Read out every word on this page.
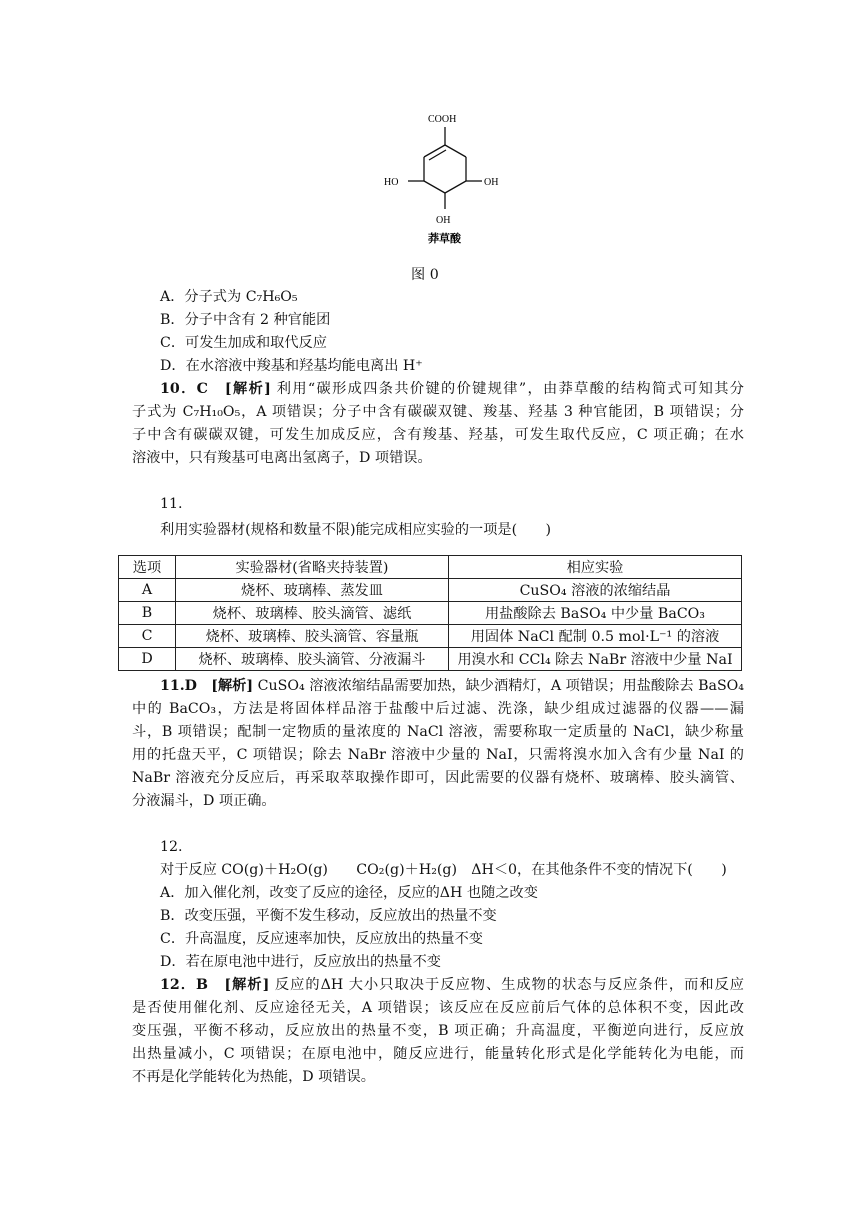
COOH
HO	OH
OH
莽草酸
图 0
A．分子式为 C₇H₆O₅
B．分子中含有 2 种官能团
C．可发生加成和取代反应
D．在水溶液中羧基和羟基均能电离出 H⁺
10．C　[解析] 利用“碳形成四条共价键的价键规律”，由莽草酸的结构简式可知其分
子式为 C₇H₁₀O₅，A 项错误；分子中含有碳碳双键、羧基、羟基 3 种官能团，B 项错误；分
子中含有碳碳双键，可发生加成反应，含有羧基、羟基，可发生取代反应，C 项正确；在水
溶液中，只有羧基可电离出氢离子，D 项错误。
11.
利用实验器材(规格和数量不限)能完成相应实验的一项是(　　)
选项	实验器材(省略夹持装置)	相应实验
A	烧杯、玻璃棒、蒸发皿	CuSO₄ 溶液的浓缩结晶
B	烧杯、玻璃棒、胶头滴管、滤纸	用盐酸除去 BaSO₄ 中少量 BaCO₃
C	烧杯、玻璃棒、胶头滴管、容量瓶	用固体 NaCl 配制 0.5 mol·L⁻¹ 的溶液
D	烧杯、玻璃棒、胶头滴管、分液漏斗	用溴水和 CCl₄ 除去 NaBr 溶液中少量 NaI
11.D　[解析] CuSO₄ 溶液浓缩结晶需要加热，缺少酒精灯，A 项错误；用盐酸除去 BaSO₄
中的 BaCO₃，方法是将固体样品溶于盐酸中后过滤、洗涤，缺少组成过滤器的仪器——漏
斗，B 项错误；配制一定物质的量浓度的 NaCl 溶液，需要称取一定质量的 NaCl，缺少称量
用的托盘天平，C 项错误；除去 NaBr 溶液中少量的 NaI，只需将溴水加入含有少量 NaI 的
NaBr 溶液充分反应后，再采取萃取操作即可，因此需要的仪器有烧杯、玻璃棒、胶头滴管、
分液漏斗，D 项正确。
12.
对于反应 CO(g)＋H₂O(g)　　CO₂(g)＋H₂(g)　ΔH＜0，在其他条件不变的情况下(　　)
A．加入催化剂，改变了反应的途径，反应的ΔH 也随之改变
B．改变压强，平衡不发生移动，反应放出的热量不变
C．升高温度，反应速率加快，反应放出的热量不变
D．若在原电池中进行，反应放出的热量不变
12．B　[解析] 反应的ΔH 大小只取决于反应物、生成物的状态与反应条件，而和反应
是否使用催化剂、反应途径无关，A 项错误；该反应在反应前后气体的总体积不变，因此改
变压强，平衡不移动，反应放出的热量不变，B 项正确；升高温度，平衡逆向进行，反应放
出热量减小，C 项错误；在原电池中，随反应进行，能量转化形式是化学能转化为电能，而
不再是化学能转化为热能，D 项错误。
